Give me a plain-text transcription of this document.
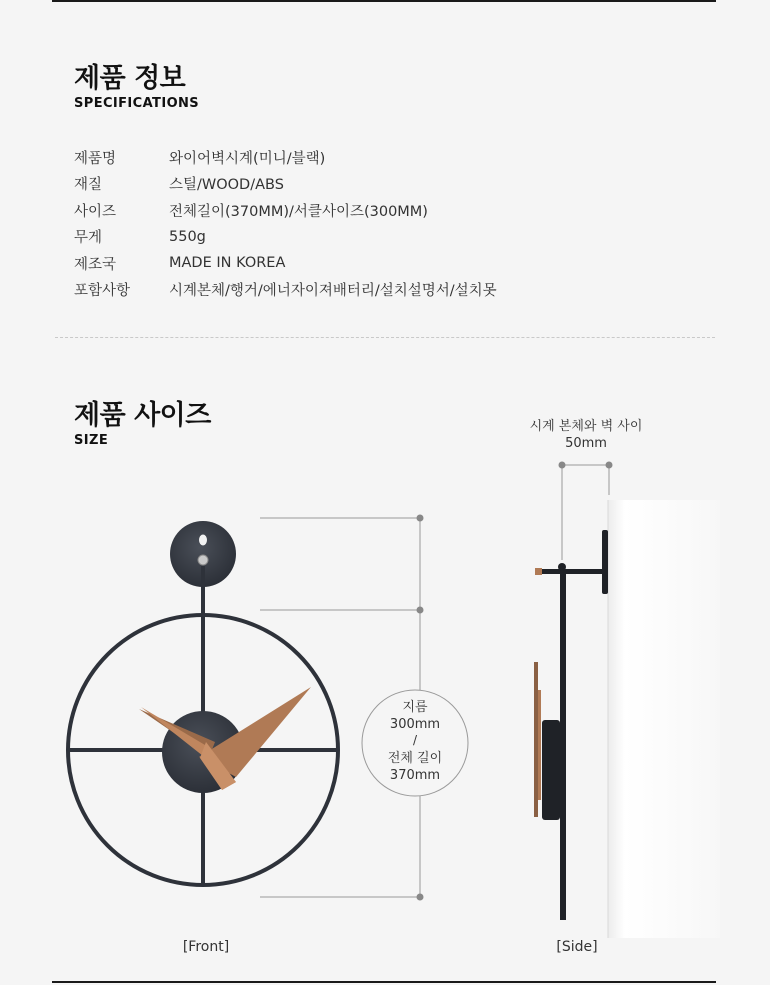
제품 정보
SPECIFICATIONS
제품명	와이어벽시계(미니/블랙)
재질	스틸/WOOD/ABS
사이즈	전체길이(370MM)/서클사이즈(300MM)
무게	550g
제조국	MADE IN KOREA
포함사항	시계본체/행거/에너자이져배터리/설치설명서/설치못
제품 사이즈
SIZE
지름
300mm
/
전체 길이
370mm
[Front]
시계 본체와 벽 사이
50mm
[Side]
